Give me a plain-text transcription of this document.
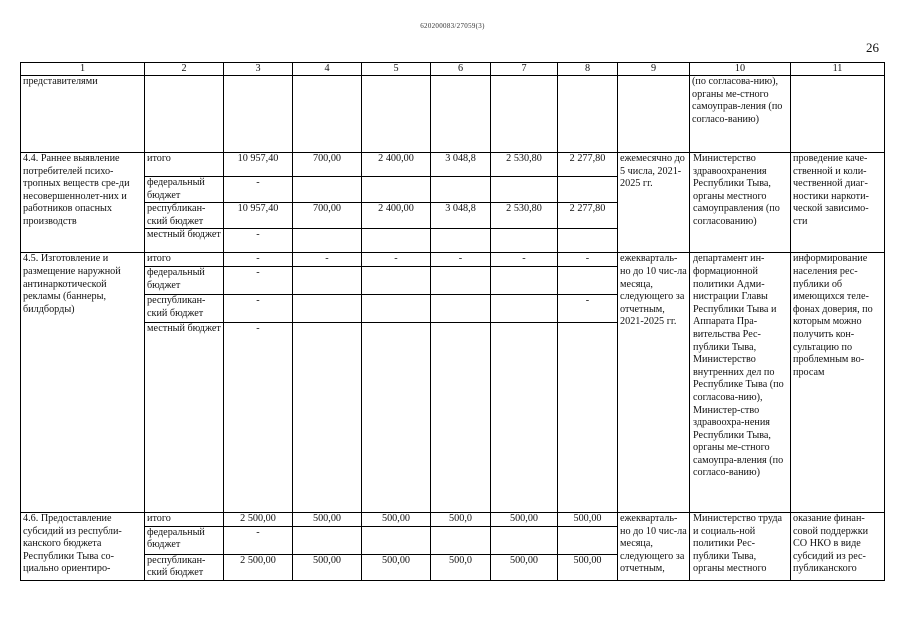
620200083/27059(3)
26
1	2	3	4	5	6	7	8	9	10	11
представителями									(по согласова-нию), органы ме-стного самоуправ-ления (по согласо-ванию)	
4.4. Раннее выявление потребителей психо-тропных веществ сре-ди несовершеннолет-них и работников опасных производств	итого	10 957,40	700,00	2 400,00	3 048,8	2 530,80	2 277,80	ежемесячно до 5 числа, 2021-2025 гг.	Министерство здравоохранения Республики Тыва, органы местного самоуправления (по согласованию)	проведение каче-ственной и коли-чественной диаг-ностики наркоти-ческой зависимо-сти
	федеральный бюджет	-								
	республикан-ский бюджет	10 957,40	700,00	2 400,00	3 048,8	2 530,80	2 277,80			
	местный бюджет	-								
4.5. Изготовление и размещение наружной антинаркотической рекламы (баннеры, билдборды)	итого	-	-	-	-	-	-	ежекварталь-но до 10 чис-ла месяца, следующего за отчетным, 2021-2025 гг.	департамент ин-формационной политики Адми-нистрации Главы Республики Тыва и Аппарата Пра-вительства Рес-публики Тыва, Министерство внутренних дел по Республике Тыва (по согласова-нию), Министер-ство здравоохра-нения Республики Тыва, органы ме-стного самоупра-вления (по согласо-ванию)	информирование населения рес-публики об имеющихся теле-фонах доверия, по которым можно получить кон-сультацию по проблемным во-просам
	федеральный бюджет	-								
	республикан-ский бюджет	-					-			
	местный бюджет	-								
4.6. Предоставление субсидий из республи-канского бюджета Республики Тыва со-циально ориентиро-	итого	2 500,00	500,00	500,00	500,0	500,00	500,00	ежекварталь-но до 10 чис-ла месяца, следующего за отчетным,	Министерство труда и социаль-ной политики Рес-публики Тыва, органы местного	оказание финан-совой поддержки СО НКО в виде субсидий из рес-публиканского
	федеральный бюджет	-								
	республикан-ский бюджет	2 500,00	500,00	500,00	500,0	500,00	500,00			
